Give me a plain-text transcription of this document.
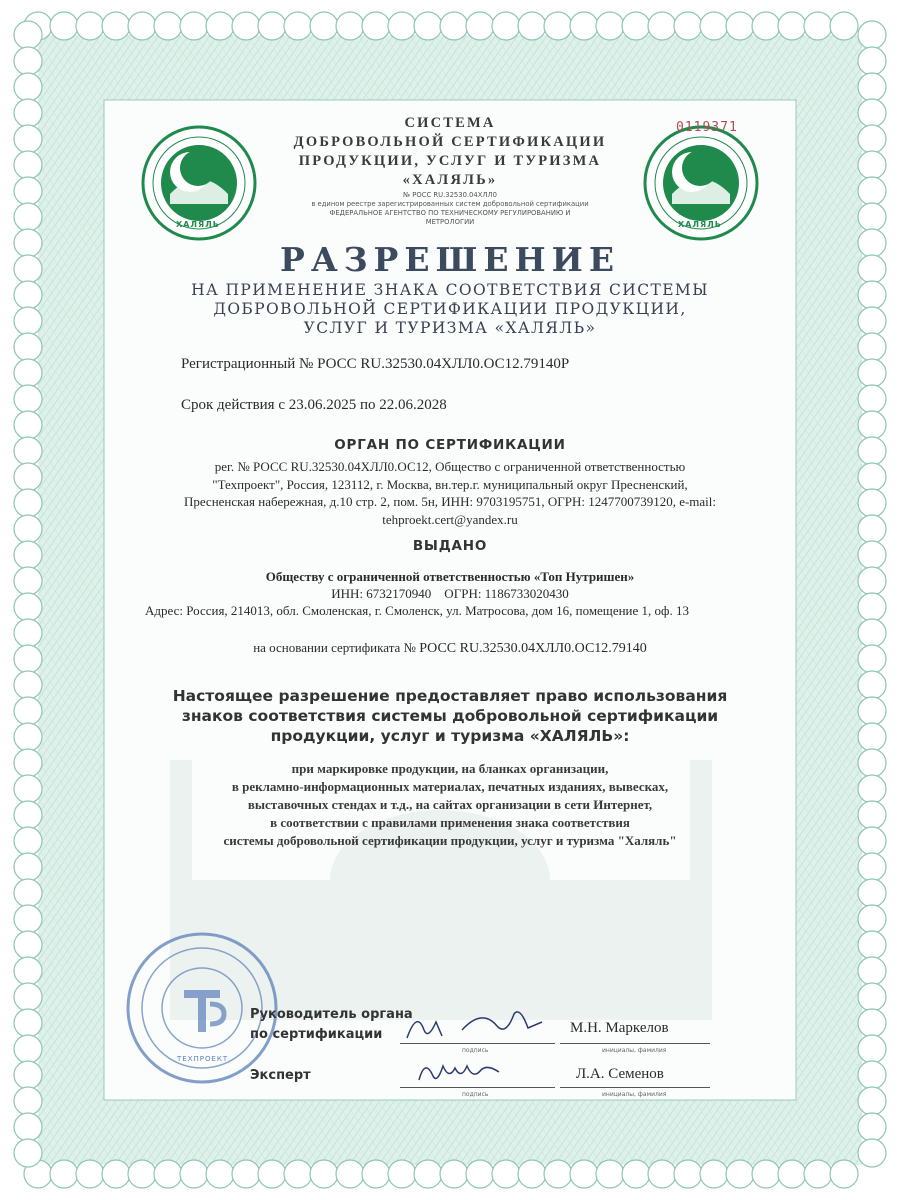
حلال
ХАЛЯЛЬ
حلال
ХАЛЯЛЬ
0119371
СИСТЕМА
ДОБРОВОЛЬНОЙ СЕРТИФИКАЦИИ
ПРОДУКЦИИ, УСЛУГ И ТУРИЗМА
«ХАЛЯЛЬ»
№ РОСС RU.32530.04ХЛЛ0
в едином реестре зарегистрированных систем добровольной сертификации
ФЕДЕРАЛЬНОЕ АГЕНТСТВО ПО ТЕХНИЧЕСКОМУ РЕГУЛИРОВАНИЮ И
МЕТРОЛОГИИ
РАЗРЕШЕНИЕ
НА ПРИМЕНЕНИЕ ЗНАКА СООТВЕТСТВИЯ СИСТЕМЫ
ДОБРОВОЛЬНОЙ СЕРТИФИКАЦИИ ПРОДУКЦИИ,
УСЛУГ И ТУРИЗМА «ХАЛЯЛЬ»
Регистрационный № РОСС RU.32530.04ХЛЛ0.ОС12.79140Р
Срок действия с 23.06.2025 по 22.06.2028
ОРГАН ПО СЕРТИФИКАЦИИ
рег. № РОСС RU.32530.04ХЛЛ0.ОС12, Общество с ограниченной ответственностью
"Техпроект", Россия, 123112, г. Москва, вн.тер.г. муниципальный округ Пресненский,
Пресненская набережная, д.10 стр. 2, пом. 5н, ИНН: 9703195751, ОГРН: 1247700739120, e-mail:
tehproekt.cert@yandex.ru
ВЫДАНО
Обществу с ограниченной ответственностью «Топ Нутришен»
ИНН: 6732170940    ОГРН: 1186733020430
Адрес: Россия, 214013, обл. Смоленская, г. Смоленск, ул. Матросова, дом 16, помещение 1, оф. 13
на основании сертификата № РОСС RU.32530.04ХЛЛ0.ОС12.79140
Настоящее разрешение предоставляет право использования
знаков соответствия системы добровольной сертификации
продукции, услуг и туризма «ХАЛЯЛЬ»:
при маркировке продукции, на бланках организации,
в рекламно-информационных материалах, печатных изданиях, вывесках,
выставочных стендах и т.д., на сайтах организации в сети Интернет,
в соответствии с правилами применения знака соответствия
системы добровольной сертификации продукции, услуг и туризма "Халяль"
ТЕХПРОЕКТ
Руководитель органа
по сертификации
подпись
М.Н. Маркелов
инициалы, фамилия
Эксперт
подпись
Л.А. Семенов
инициалы, фамилия
